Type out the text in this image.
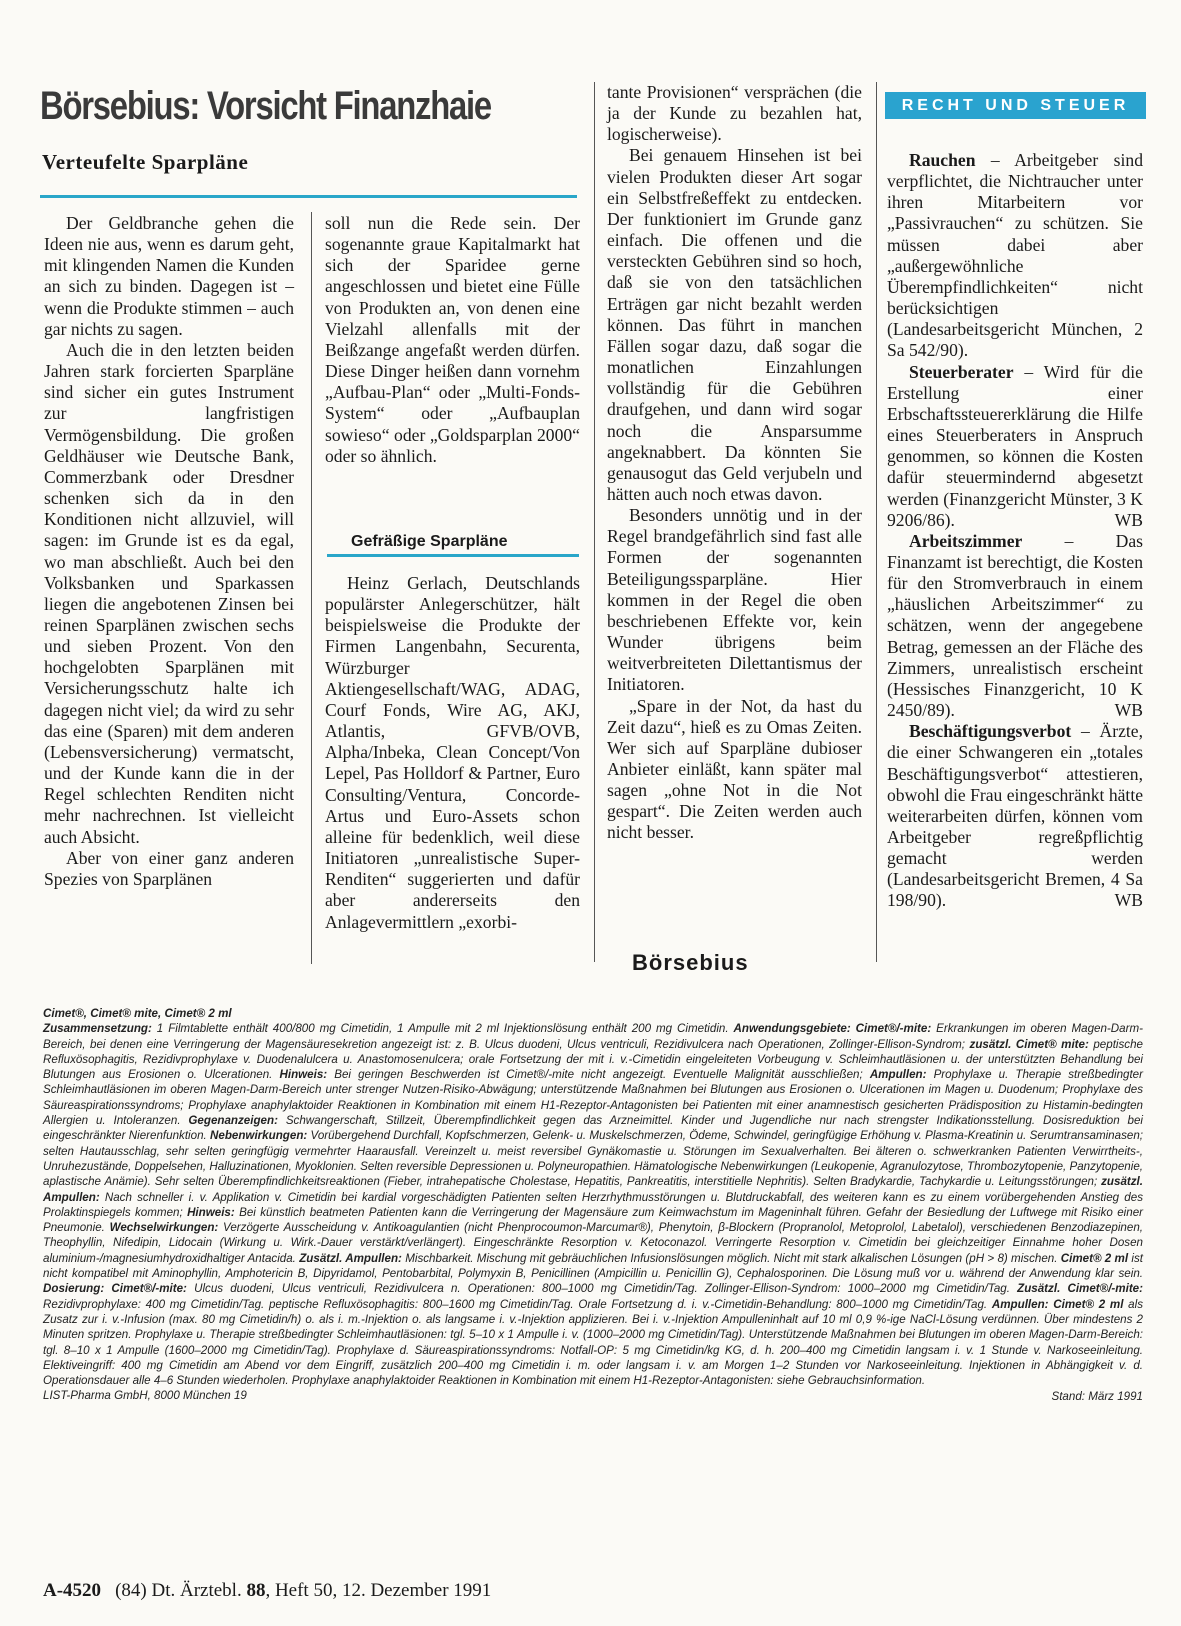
Börsebius: Vorsicht Finanzhaie
Verteufelte Sparpläne

Der Geldbranche gehen die Ideen nie aus, wenn es darum geht, mit klingenden Namen die Kunden an sich zu binden. Dagegen ist – wenn die Produkte stimmen – auch gar nichts zu sagen.

Auch die in den letzten beiden Jahren stark forcierten Sparpläne sind sicher ein gutes Instrument zur langfristigen Vermögensbildung. Die großen Geldhäuser wie Deutsche Bank, Commerzbank oder Dresdner schenken sich da in den Konditionen nicht allzuviel, will sagen: im Grunde ist es da egal, wo man abschließt. Auch bei den Volksbanken und Sparkassen liegen die angebotenen Zinsen bei reinen Sparplänen zwischen sechs und sieben Prozent. Von den hochgelobten Sparplänen mit Versicherungsschutz halte ich dagegen nicht viel; da wird zu sehr das eine (Sparen) mit dem anderen (Lebensversicherung) vermatscht, und der Kunde kann die in der Regel schlechten Renditen nicht mehr nachrechnen. Ist vielleicht auch Absicht.

Aber von einer ganz anderen Spezies von Sparplänen

soll nun die Rede sein. Der sogenannte graue Kapitalmarkt hat sich der Sparidee gerne angeschlossen und bietet eine Fülle von Produkten an, von denen eine Vielzahl allenfalls mit der Beißzange angefaßt werden dürfen. Diese Dinger heißen dann vornehm „Aufbau-Plan“ oder „Multi-Fonds-System“ oder „Aufbauplan sowieso“ oder „Goldsparplan 2000“ oder so ähnlich.

Gefräßige Sparpläne

Heinz Gerlach, Deutschlands populärster Anlegerschützer, hält beispielsweise die Produkte der Firmen Langenbahn, Securenta, Würzburger Aktiengesellschaft/WAG, ADAG, Courf Fonds, Wire AG, AKJ, Atlantis, GFVB/OVB, Alpha/Inbeka, Clean Concept/Von Lepel, Pas Holldorf & Partner, Euro Consulting/Ventura, Concorde-Artus und Euro-Assets schon alleine für bedenklich, weil diese Initiatoren „unrealistische Super-Renditen“ suggerierten und dafür aber andererseits den Anlagevermittlern „exorbi-

tante Provisionen“ versprächen (die ja der Kunde zu bezahlen hat, logischerweise).

Bei genauem Hinsehen ist bei vielen Produkten dieser Art sogar ein Selbstfreßeffekt zu entdecken. Der funktioniert im Grunde ganz einfach. Die offenen und die versteckten Gebühren sind so hoch, daß sie von den tatsächlichen Erträgen gar nicht bezahlt werden können. Das führt in manchen Fällen sogar dazu, daß sogar die monatlichen Einzahlungen vollständig für die Gebühren draufgehen, und dann wird sogar noch die Ansparsumme angeknabbert. Da könnten Sie genausogut das Geld verjubeln und hätten auch noch etwas davon.

Besonders unnötig und in der Regel brandgefährlich sind fast alle Formen der sogenannten Beteiligungssparpläne. Hier kommen in der Regel die oben beschriebenen Effekte vor, kein Wunder übrigens beim weitverbreiteten Dilettantismus der Initiatoren.

„Spare in der Not, da hast du Zeit dazu“, hieß es zu Omas Zeiten. Wer sich auf Sparpläne dubioser Anbieter einläßt, kann später mal sagen „ohne Not in die Not gespart“. Die Zeiten werden auch nicht besser.

Börsebius
RECHT UND STEUER

Rauchen – Arbeitgeber sind verpflichtet, die Nichtraucher unter ihren Mitarbeitern vor „Passivrauchen“ zu schützen. Sie müssen dabei aber „außergewöhnliche Überempfindlichkeiten“ nicht berücksichtigen (Landesarbeitsgericht München, 2 Sa 542/90).

Steuerberater – Wird für die Erstellung einer Erbschaftssteuererklärung die Hilfe eines Steuerberaters in Anspruch genommen, so können die Kosten dafür steuermindernd abgesetzt werden (Finanzgericht Münster, 3 K 9206/86).	WB

Arbeitszimmer – Das Finanzamt ist berechtigt, die Kosten für den Stromverbrauch in einem „häuslichen Arbeitszimmer“ zu schätzen, wenn der angegebene Betrag, gemessen an der Fläche des Zimmers, unrealistisch erscheint (Hessisches Finanzgericht, 10 K 2450/89).	WB

Beschäftigungsverbot – Ärzte, die einer Schwangeren ein „totales Beschäftigungsverbot“ attestieren, obwohl die Frau eingeschränkt hätte weiterarbeiten dürfen, können vom Arbeitgeber regreßpflichtig gemacht werden (Landesarbeitsgericht Bremen, 4 Sa 198/90).	WB

Cimet®, Cimet® mite, Cimet® 2 ml
Zusammensetzung: 1 Filmtablette enthält 400/800 mg Cimetidin, 1 Ampulle mit 2 ml Injektionslösung enthält 200 mg Cimetidin. Anwendungsgebiete: Cimet®/-mite: Erkrankungen im oberen Magen-Darm-Bereich, bei denen eine Verringerung der Magensäuresekretion angezeigt ist: z. B. Ulcus duodeni, Ulcus ventriculi, Rezidivulcera nach Operationen, Zollinger-Ellison-Syndrom; zusätzl. Cimet® mite: peptische Refluxösophagitis, Rezidivprophylaxe v. Duodenalulcera u. Anastomosenulcera; orale Fortsetzung der mit i. v.-Cimetidin eingeleiteten Vorbeugung v. Schleimhautläsionen u. der unterstützten Behandlung bei Blutungen aus Erosionen o. Ulcerationen. Hinweis: Bei geringen Beschwerden ist Cimet®/-mite nicht angezeigt. Eventuelle Malignität ausschließen; Ampullen: Prophylaxe u. Therapie streßbedingter Schleimhautläsionen im oberen Magen-Darm-Bereich unter strenger Nutzen-Risiko-Abwägung; unterstützende Maßnahmen bei Blutungen aus Erosionen o. Ulcerationen im Magen u. Duodenum; Prophylaxe des Säureaspirationssyndroms; Prophylaxe anaphylaktoider Reaktionen in Kombination mit einem H1-Rezeptor-Antagonisten bei Patienten mit einer anamnestisch gesicherten Prädisposition zu Histamin-bedingten Allergien u. Intoleranzen. Gegenanzeigen: Schwangerschaft, Stillzeit, Überempfindlichkeit gegen das Arzneimittel. Kinder und Jugendliche nur nach strengster Indikationsstellung. Dosisreduktion bei eingeschränkter Nierenfunktion. Nebenwirkungen: Vorübergehend Durchfall, Kopfschmerzen, Gelenk- u. Muskelschmerzen, Ödeme, Schwindel, geringfügige Erhöhung v. Plasma-Kreatinin u. Serumtransaminasen; selten Hautausschlag, sehr selten geringfügig vermehrter Haarausfall. Vereinzelt u. meist reversibel Gynäkomastie u. Störungen im Sexualverhalten. Bei älteren o. schwerkranken Patienten Verwirrtheits-, Unruhezustände, Doppelsehen, Halluzinationen, Myoklonien. Selten reversible Depressionen u. Polyneuropathien. Hämatologische Nebenwirkungen (Leukopenie, Agranulozytose, Thrombozytopenie, Panzytopenie, aplastische Anämie). Sehr selten Überempfindlichkeitsreaktionen (Fieber, intrahepatische Cholestase, Hepatitis, Pankreatitis, interstitielle Nephritis). Selten Bradykardie, Tachykardie u. Leitungsstörungen; zusätzl. Ampullen: Nach schneller i. v. Applikation v. Cimetidin bei kardial vorgeschädigten Patienten selten Herzrhythmusstörungen u. Blutdruckabfall, des weiteren kann es zu einem vorübergehenden Anstieg des Prolaktinspiegels kommen; Hinweis: Bei künstlich beatmeten Patienten kann die Verringerung der Magensäure zum Keimwachstum im Mageninhalt führen. Gefahr der Besiedlung der Luftwege mit Risiko einer Pneumonie. Wechselwirkungen: Verzögerte Ausscheidung v. Antikoagulantien (nicht Phenprocoumon-Marcumar®), Phenytoin, β-Blockern (Propranolol, Metoprolol, Labetalol), verschiedenen Benzodiazepinen, Theophyllin, Nifedipin, Lidocain (Wirkung u. Wirk.-Dauer verstärkt/verlängert). Eingeschränkte Resorption v. Ketoconazol. Verringerte Resorption v. Cimetidin bei gleichzeitiger Einnahme hoher Dosen aluminium-/magnesiumhydroxidhaltiger Antacida. Zusätzl. Ampullen: Mischbarkeit. Mischung mit gebräuchlichen Infusionslösungen möglich. Nicht mit stark alkalischen Lösungen (pH > 8) mischen. Cimet® 2 ml ist nicht kompatibel mit Aminophyllin, Amphotericin B, Dipyridamol, Pentobarbital, Polymyxin B, Penicillinen (Ampicillin u. Penicillin G), Cephalosporinen. Die Lösung muß vor u. während der Anwendung klar sein. Dosierung: Cimet®/-mite: Ulcus duodeni, Ulcus ventriculi, Rezidivulcera n. Operationen: 800–1000 mg Cimetidin/Tag. Zollinger-Ellison-Syndrom: 1000–2000 mg Cimetidin/Tag. Zusätzl. Cimet®/-mite: Rezidivprophylaxe: 400 mg Cimetidin/Tag. peptische Refluxösophagitis: 800–1600 mg Cimetidin/Tag. Orale Fortsetzung d. i. v.-Cimetidin-Behandlung: 800–1000 mg Cimetidin/Tag. Ampullen: Cimet® 2 ml als Zusatz zur i. v.-Infusion (max. 80 mg Cimetidin/h) o. als i. m.-Injektion o. als langsame i. v.-Injektion applizieren. Bei i. v.-Injektion Ampulleninhalt auf 10 ml 0,9 %-ige NaCl-Lösung verdünnen. Über mindestens 2 Minuten spritzen. Prophylaxe u. Therapie streßbedingter Schleimhautläsionen: tgl. 5–10 x 1 Ampulle i. v. (1000–2000 mg Cimetidin/Tag). Unterstützende Maßnahmen bei Blutungen im oberen Magen-Darm-Bereich: tgl. 8–10 x 1 Ampulle (1600–2000 mg Cimetidin/Tag). Prophylaxe d. Säureaspirationssyndroms: Notfall-OP: 5 mg Cimetidin/kg KG, d. h. 200–400 mg Cimetidin langsam i. v. 1 Stunde v. Narkoseeinleitung. Elektiveingriff: 400 mg Cimetidin am Abend vor dem Eingriff, zusätzlich 200–400 mg Cimetidin i. m. oder langsam i. v. am Morgen 1–2 Stunden vor Narkoseeinleitung. Injektionen in Abhängigkeit v. d. Operationsdauer alle 4–6 Stunden wiederholen. Prophylaxe anaphylaktoider Reaktionen in Kombination mit einem H1-Rezeptor-Antagonisten: siehe Gebrauchsinformation.
LIST-Pharma GmbH, 8000 München 19	Stand: März 1991
A-4520 (84) Dt. Ärztebl. 88, Heft 50, 12. Dezember 1991
